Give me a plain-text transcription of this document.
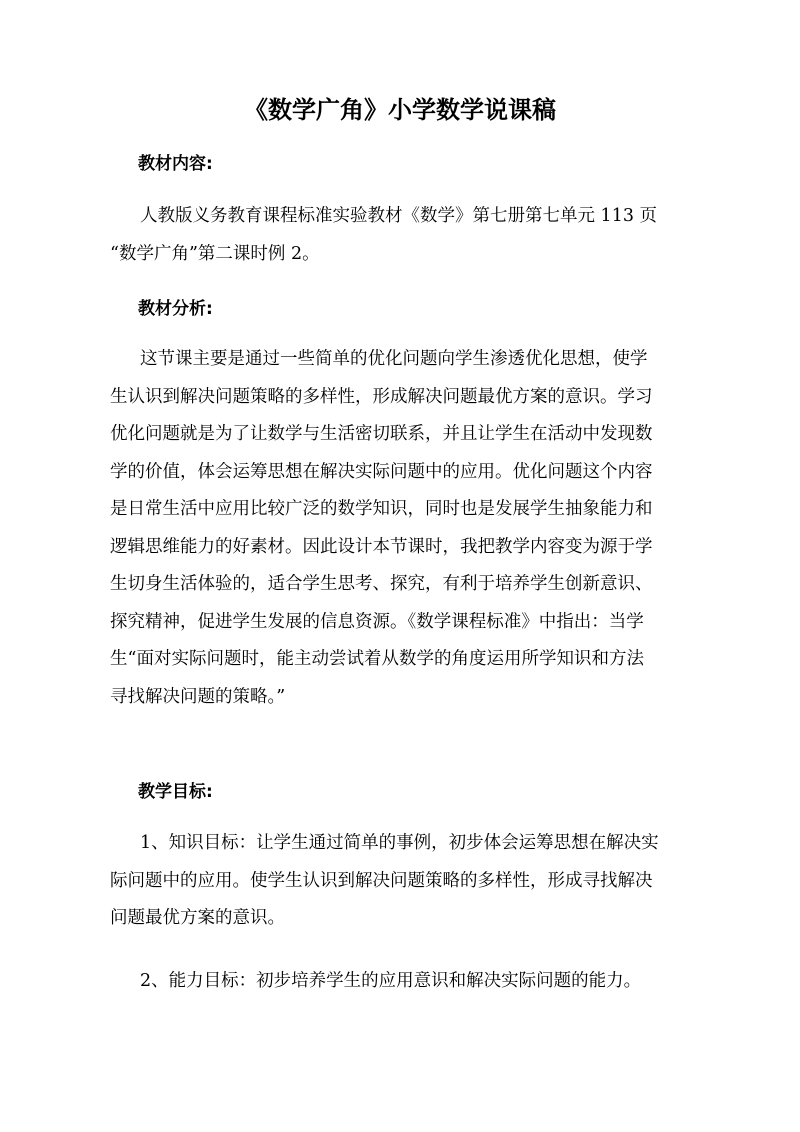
《数学广角》小学数学说课稿
教材内容:
人教版义务教育课程标准实验教材《数学》第七册第七单元 113 页
“数学广角”第二课时例 2。
教材分析:
这节课主要是通过一些简单的优化问题向学生渗透优化思想，使学
生认识到解决问题策略的多样性，形成解决问题最优方案的意识。学习
优化问题就是为了让数学与生活密切联系，并且让学生在活动中发现数
学的价值，体会运筹思想在解决实际问题中的应用。优化问题这个内容
是日常生活中应用比较广泛的数学知识，同时也是发展学生抽象能力和
逻辑思维能力的好素材。因此设计本节课时，我把教学内容变为源于学
生切身生活体验的，适合学生思考、探究，有利于培养学生创新意识、
探究精神，促进学生发展的信息资源。《数学课程标准》中指出：当学
生“面对实际问题时，能主动尝试着从数学的角度运用所学知识和方法
寻找解决问题的策略。”
教学目标:
1、知识目标：让学生通过简单的事例，初步体会运筹思想在解决实
际问题中的应用。使学生认识到解决问题策略的多样性，形成寻找解决
问题最优方案的意识。
2、能力目标：初步培养学生的应用意识和解决实际问题的能力。
